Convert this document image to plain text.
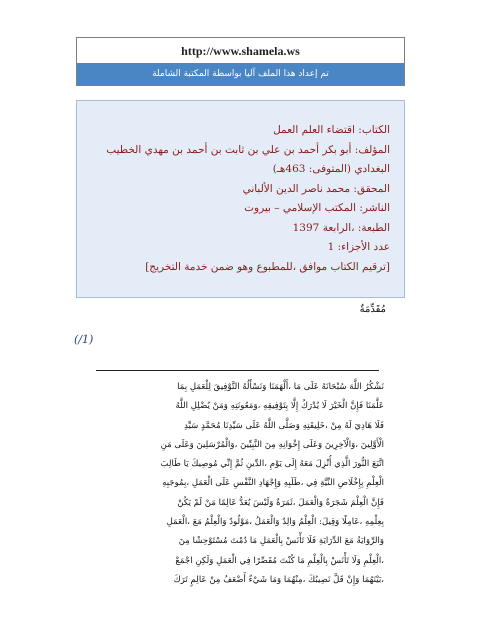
http://www.shamela.ws
تم إعداد هذا الملف آليا بواسطة المكتبة الشاملة
الكتاب: اقتضاء العلم العمل
المؤلف: أبو بكر أحمد بن علي بن ثابت بن أحمد بن مهدي الخطيب البغدادي (المتوفى: 463هـ)
المحقق: محمد ناصر الدين الألباني
الناشر: المكتب الإسلامي – بيروت
الطبعة: ،الرابعة 1397
عدد الأجزاء: 1
[ترقيم الكتاب موافق ،للمطبوع وهو ضمن خدمة التخريج]
مُقَدِّمَةٌ
(/1)
نَشْكُرُ اللَّهَ سُبْحَانَهُ عَلَى مَا ،أَلْهَمَنَا وَنَسْأَلُهُ التَّوْفِيقَ لِلْعَمَلِ بِمَا
عَلَّمَنَا فَإِنَّ الْخَيْرَ لَا يُدْرَكُ إِلَّا بِتَوْفِيقِهِ ،وَمَعُونَتِهِ وَمَنْ يُضْلِلِ اللَّهُ
فَلَا هَادِيَ لَهُ مِنْ ،خَلِيقَتِهِ وَصَلَّى اللَّهُ عَلَى سَيِّدِنَا مُحَمَّدٍ سَيِّدِ
الْأَوَّلِينَ ،وَالْآخِرِينَ وَعَلَى إِخْوَانِهِ مِنَ النَّبِيِّينَ ،وَالْمُرْسَلِينَ وَعَلَى مَنِ
اتَّبَعَ النُّورَ الَّذِي أُنْزِلَ مَعَهُ إِلَى يَوْمِ ،الدِّينِ ثُمَّ إِنِّي مُوصِيكَ يَا طَالِبَ
الْعِلْمِ بِإِخْلَاصِ النِّيَّةِ فِي ،طَلَبِهِ وَإِجْهَادِ النَّفْسِ عَلَى الْعَمَلِ ،بِمُوجَبِهِ
فَإِنَّ الْعِلْمَ شَجَرَةٌ وَالْعَمَلَ ،ثَمَرَةٌ وَلَيْسَ يُعَدُّ عَالِمًا مَنْ لَمْ يَكُنْ
بِعِلْمِهِ ،عَامِلًا وَقِيلَ: الْعِلْمُ وَالِدٌ وَالْعَمَلُ ،مَوْلُودٌ وَالْعِلْمُ مَعَ ،الْعَمَلِ
وَالرِّوَايَةُ مَعَ الدِّرَايَةِ فَلَا تَأْنَسْ بِالْعَمَلِ مَا دُمْتَ مُسْتَوْحِشًا مِنَ
،الْعِلْمِ وَلَا تَأْنَسْ بِالْعِلْمِ مَا كُنْتَ مُقَصِّرًا فِي الْعَمَلِ وَلَكِنِ اجْمَعْ
،بَيْنَهُمَا وَإِنْ قَلَّ نَصِيبُكَ ،مِنْهُمَا وَمَا شَيْءٌ أَضْعَفُ مِنْ عَالِمٍ تَرَكَ
